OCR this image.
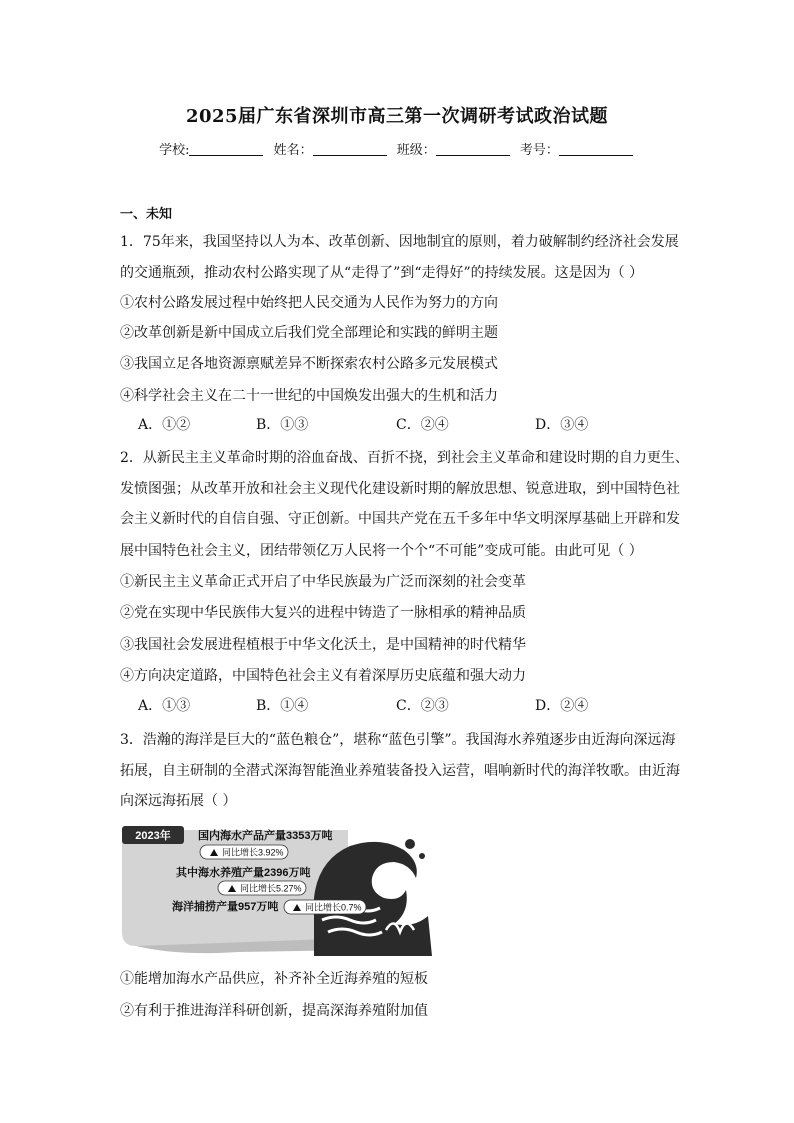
2025届广东省深圳市高三第一次调研考试政治试题
学校:	姓名：	班级：	考号：
一、未知
1．75年来，我国坚持以人为本、改革创新、因地制宜的原则，着力破解制约经济社会发展
的交通瓶颈，推动农村公路实现了从“走得了”到“走得好”的持续发展。这是因为（ ）
①农村公路发展过程中始终把人民交通为人民作为努力的方向
②改革创新是新中国成立后我们党全部理论和实践的鲜明主题
③我国立足各地资源禀赋差异不断探索农村公路多元发展模式
④科学社会主义在二十一世纪的中国焕发出强大的生机和活力
A．①②	B．①③	C．②④	D．③④
2．从新民主主义革命时期的浴血奋战、百折不挠，到社会主义革命和建设时期的自力更生、
发愤图强；从改革开放和社会主义现代化建设新时期的解放思想、锐意进取，到中国特色社
会主义新时代的自信自强、守正创新。中国共产党在五千多年中华文明深厚基础上开辟和发
展中国特色社会主义，团结带领亿万人民将一个个“不可能”变成可能。由此可见（ ）
①新民主主义革命正式开启了中华民族最为广泛而深刻的社会变革
②党在实现中华民族伟大复兴的进程中铸造了一脉相承的精神品质
③我国社会发展进程植根于中华文化沃土，是中国精神的时代精华
④方向决定道路，中国特色社会主义有着深厚历史底蕴和强大动力
A．①③	B．①④	C．②③	D．②④
3．浩瀚的海洋是巨大的“蓝色粮仓”，堪称“蓝色引擎”。我国海水养殖逐步由近海向深远海
拓展，自主研制的全潜式深海智能渔业养殖装备投入运营，唱响新时代的海洋牧歌。由近海
向深远海拓展（ ）
2023年 国内海水产品产量3353万吨
同比增长3.92%
其中海水养殖产量2396万吨
同比增长5.27%
海洋捕捞产量957万吨	同比增长0.7%
①能增加海水产品供应，补齐补全近海养殖的短板
②有利于推进海洋科研创新，提高深海养殖附加值
